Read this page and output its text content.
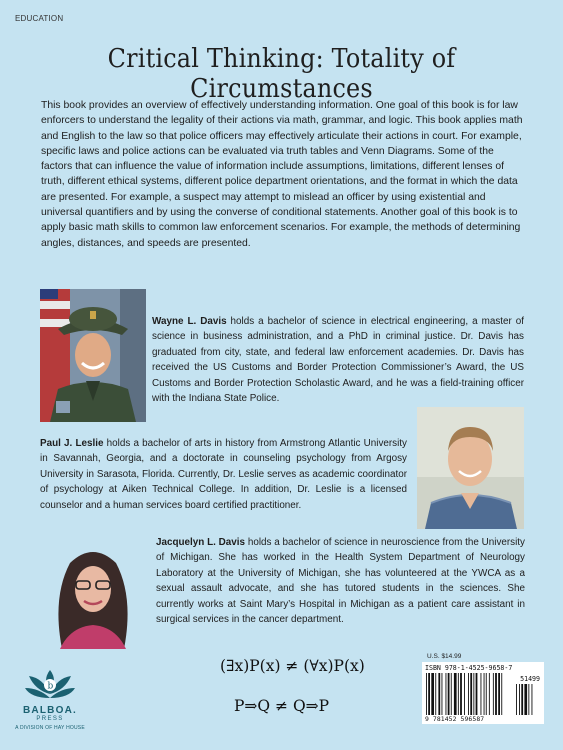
EDUCATION
Critical Thinking: Totality of Circumstances

This book provides an overview of effectively understanding information. One goal of this book is for law enforcers to understand the legality of their actions via math, grammar, and logic. This book applies math and English to the law so that police officers may effectively articulate their actions in court. For example, specific laws and police actions can be evaluated via truth tables and Venn Diagrams. Some of the factors that can influence the value of information include assumptions, limitations, different lenses of truth, different ethical systems, different police department orientations, and the format in which the data are presented. For example, a suspect may attempt to mislead an officer by using existential and universal quantifiers and by using the converse of conditional statements. Another goal of this book is to apply basic math skills to common law enforcement scenarios. For example, the methods of determining angles, distances, and speeds are presented.

Wayne L. Davis holds a bachelor of science in electrical engineering, a master of science in business administration, and a PhD in criminal justice. Dr. Davis has graduated from city, state, and federal law enforcement academies. Dr. Davis has received the US Customs and Border Protection Commissioner’s Award, the US Customs and Border Protection Scholastic Award, and he was a field-training officer with the Indiana State Police.
Paul J. Leslie holds a bachelor of arts in history from Armstrong Atlantic University in Savannah, Georgia, and a doctorate in counseling psychology from Argosy University in Sarasota, Florida. Currently, Dr. Leslie serves as academic coordinator of psychology at Aiken Technical College. In addition, Dr. Leslie is a licensed counselor and a human services board certified practitioner.
Jacquelyn L. Davis holds a bachelor of science in neuroscience from the University of Michigan. She has worked in the Health System Department of Neurology Laboratory at the University of Michigan, she has volunteered at the YWCA as a sexual assault advocate, and she has tutored students in the sciences. She currently works at Saint Mary’s Hospital in Michigan as a patient care assistant in surgical services in the cancer department.
(∃x)P(x) ≠ (∀x)P(x)
P⇒Q ≠ Q⇒P
b
BALBOA.
PRESS
A DIVISION OF HAY HOUSE
U.S. $14.99
ISBN 978-1-4525-9658-7
51499
9 781452 596587
